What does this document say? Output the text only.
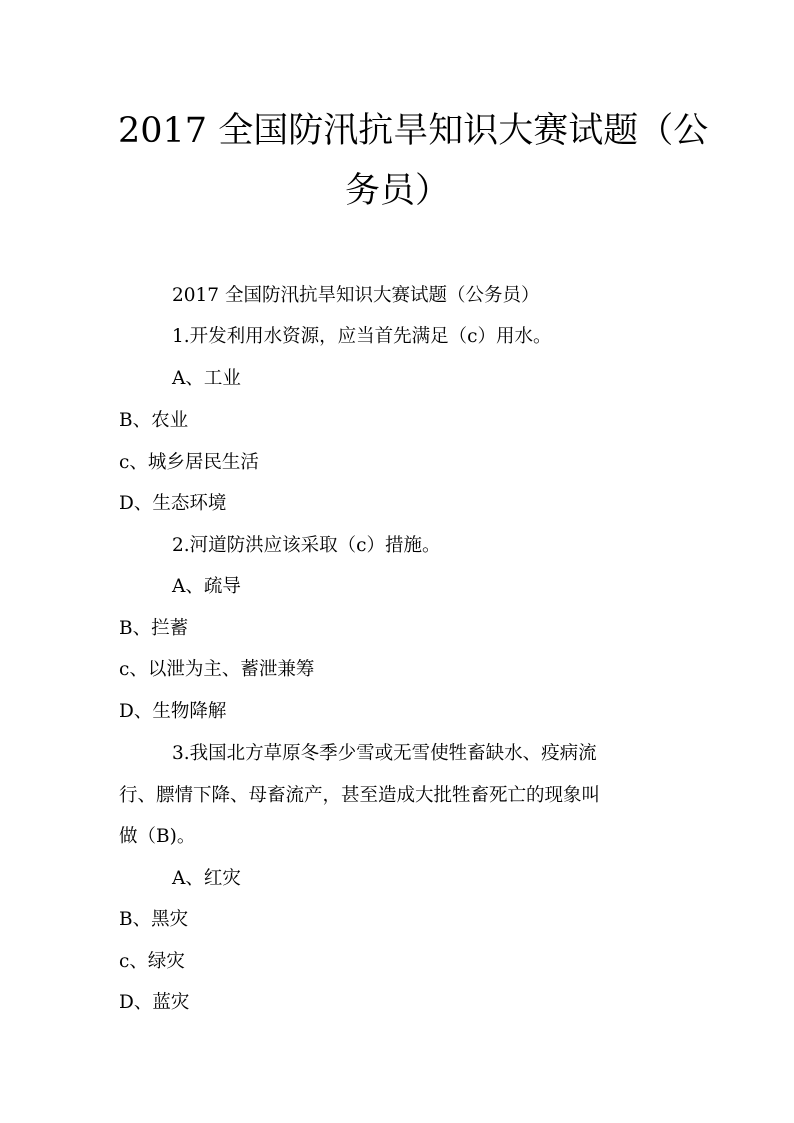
2017 全国防汛抗旱知识大赛试题（公
务员）
2017 全国防汛抗旱知识大赛试题（公务员）
1.开发利用水资源，应当首先满足（c）用水。
A、工业
B、农业
c、城乡居民生活
D、生态环境
2.河道防洪应该采取（c）措施。
A、疏导
B、拦蓄
c、以泄为主、蓄泄兼筹
D、生物降解
3.我国北方草原冬季少雪或无雪使牲畜缺水、疫病流
行、膘情下降、母畜流产，甚至造成大批牲畜死亡的现象叫
做（B)。
A、红灾
B、黑灾
c、绿灾
D、蓝灾
